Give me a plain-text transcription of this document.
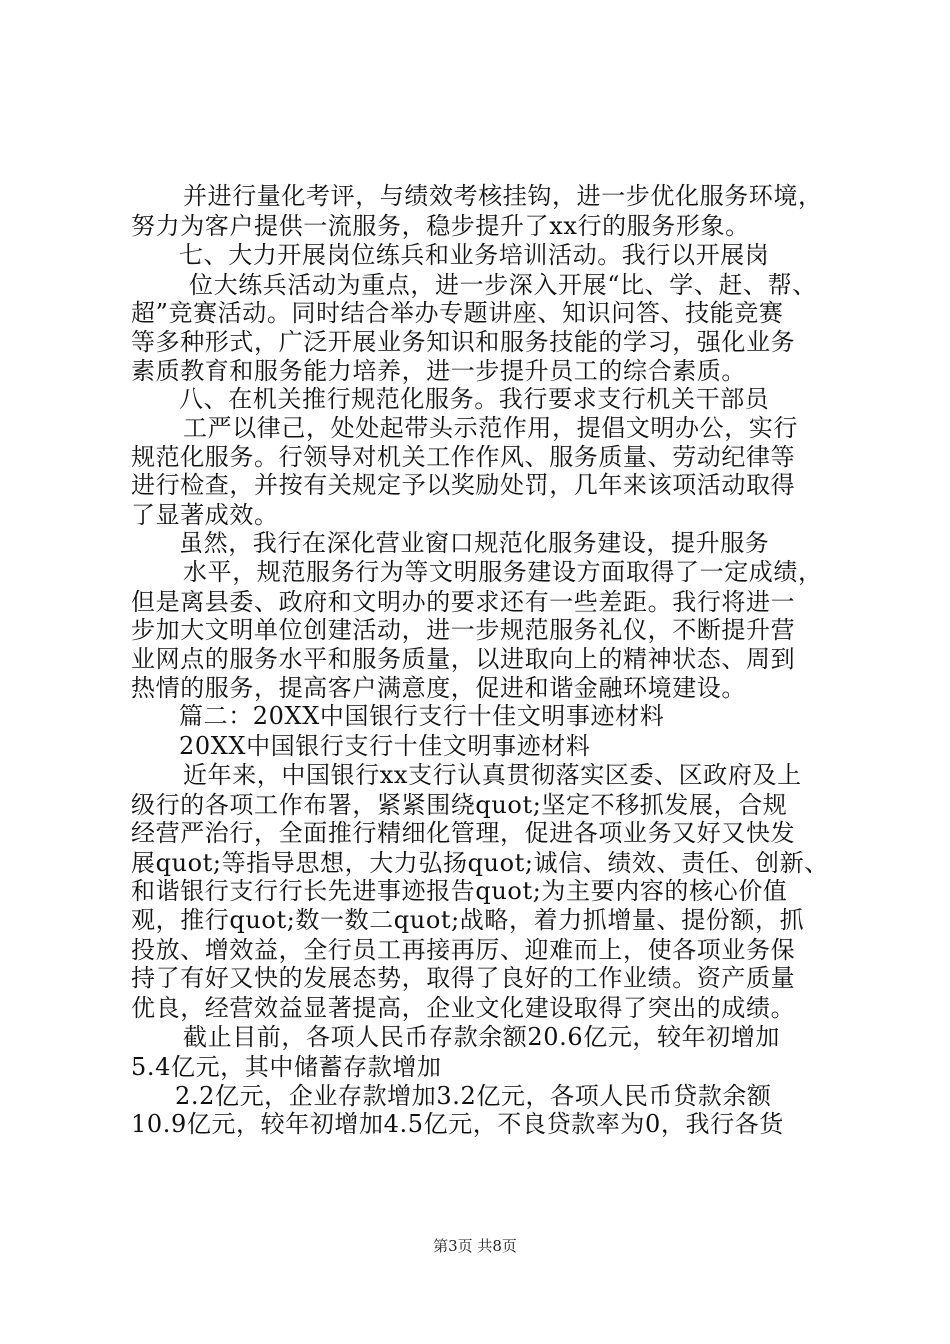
并进行量化考评，与绩效考核挂钩，进一步优化服务环境，
努力为客户提供一流服务，稳步提升了xx行的服务形象。
七、大力开展岗位练兵和业务培训活动。我行以开展岗
位大练兵活动为重点，进一步深入开展“比、学、赶、帮、
超”竞赛活动。同时结合举办专题讲座、知识问答、技能竞赛
等多种形式，广泛开展业务知识和服务技能的学习，强化业务
素质教育和服务能力培养，进一步提升员工的综合素质。
八、在机关推行规范化服务。我行要求支行机关干部员
工严以律己，处处起带头示范作用，提倡文明办公，实行
规范化服务。行领导对机关工作作风、服务质量、劳动纪律等
进行检查，并按有关规定予以奖励处罚，几年来该项活动取得
了显著成效。
虽然，我行在深化营业窗口规范化服务建设，提升服务
水平，规范服务行为等文明服务建设方面取得了一定成绩，
但是离县委、政府和文明办的要求还有一些差距。我行将进一
步加大文明单位创建活动，进一步规范服务礼仪，不断提升营
业网点的服务水平和服务质量，以进取向上的精神状态、周到
热情的服务，提高客户满意度，促进和谐金融环境建设。
篇二：20XX中国银行支行十佳文明事迹材料
20XX中国银行支行十佳文明事迹材料
近年来，中国银行xx支行认真贯彻落实区委、区政府及上
级行的各项工作布署，紧紧围绕quot;坚定不移抓发展，合规
经营严治行，全面推行精细化管理，促进各项业务又好又快发
展quot;等指导思想，大力弘扬quot;诚信、绩效、责任、创新、
和谐银行支行行长先进事迹报告quot;为主要内容的核心价值
观，推行quot;数一数二quot;战略，着力抓增量、提份额，抓
投放、增效益，全行员工再接再厉、迎难而上，使各项业务保
持了有好又快的发展态势，取得了良好的工作业绩。资产质量
优良，经营效益显著提高，企业文化建设取得了突出的成绩。
截止目前，各项人民币存款余额20.6亿元，较年初增加
5.4亿元，其中储蓄存款增加
2.2亿元，企业存款增加3.2亿元，各项人民币贷款余额
10.9亿元，较年初增加4.5亿元，不良贷款率为0，我行各货
第3页 共8页
